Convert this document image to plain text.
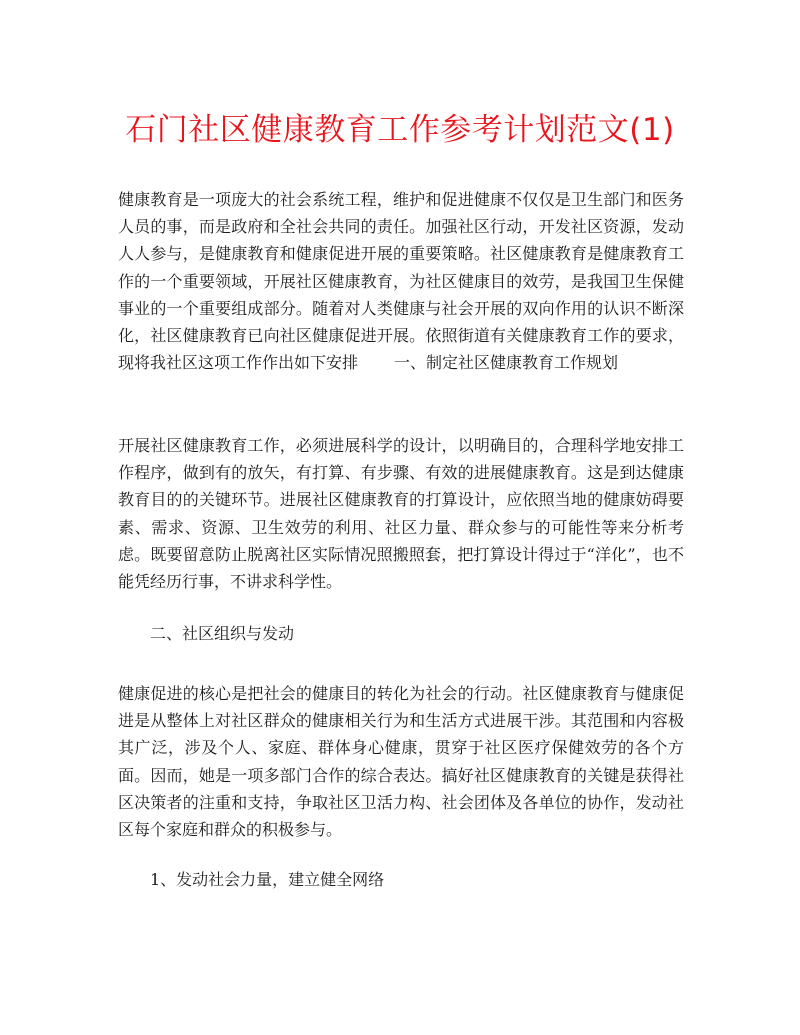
石门社区健康教育工作参考计划范文(1)

健康教育是一项庞大的社会系统工程，维护和促进健康不仅仅是卫生部门和医务人员的事，而是政府和全社会共同的责任。加强社区行动，开发社区资源，发动人人参与，是健康教育和健康促进开展的重要策略。社区健康教育是健康教育工作的一个重要领域，开展社区健康教育，为社区健康目的效劳，是我国卫生保健事业的一个重要组成部分。随着对人类健康与社会开展的双向作用的认识不断深化，社区健康教育已向社区健康促进开展。依照街道有关健康教育工作的要求，现将我社区这项工作作出如下安排 一、制定社区健康教育工作规划

开展社区健康教育工作，必须进展科学的设计，以明确目的，合理科学地安排工作程序，做到有的放矢，有打算、有步骤、有效的进展健康教育。这是到达健康教育目的的关键环节。进展社区健康教育的打算设计，应依照当地的健康妨碍要素、需求、资源、卫生效劳的利用、社区力量、群众参与的可能性等来分析考虑。既要留意防止脱离社区实际情况照搬照套，把打算设计得过于“洋化”，也不能凭经历行事，不讲求科学性。

二、社区组织与发动

健康促进的核心是把社会的健康目的转化为社会的行动。社区健康教育与健康促进是从整体上对社区群众的健康相关行为和生活方式进展干涉。其范围和内容极其广泛，涉及个人、家庭、群体身心健康，贯穿于社区医疗保健效劳的各个方面。因而，她是一项多部门合作的综合表达。搞好社区健康教育的关键是获得社区决策者的注重和支持，争取社区卫活力构、社会团体及各单位的协作，发动社区每个家庭和群众的积极参与。

1、发动社会力量，建立健全网络
